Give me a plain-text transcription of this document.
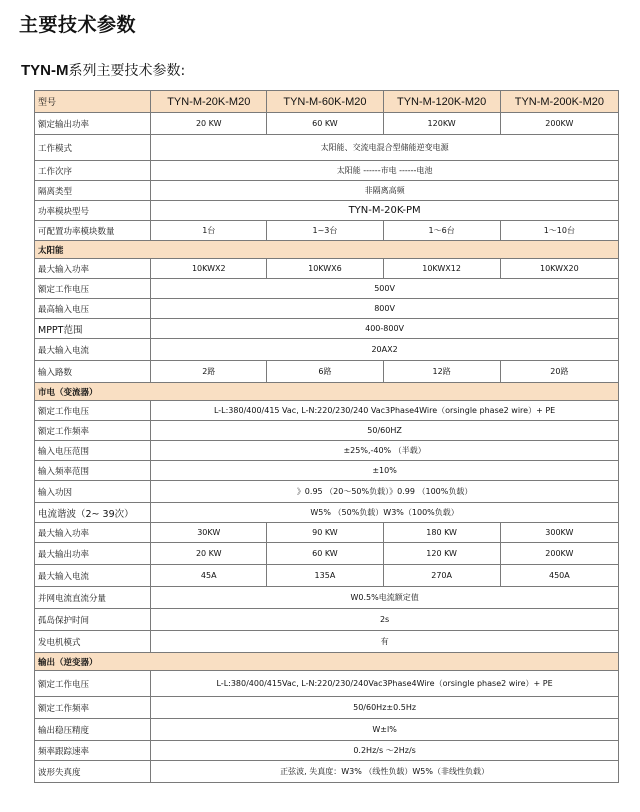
主要技术参数
TYN-M系列主要技术参数:
型号	TYN-M-20K-M20	TYN-M-60K-M20	TYN-M-120K-M20	TYN-M-200K-M20
额定输出功率	20 KW	60 KW	120KW	200KW
工作模式	太阳能、交流电混合型储能逆变电源			
工作次序	太阳能 ------市电 ------电池			
隔离类型	非隔离高频			
功率模块型号	TYN-M-20K-PM			
可配置功率模块数量	1台	1~3台	1～6台	1～10台
太阳能				
最大输入功率	10KWX2	10KWX6	10KWX12	10KWX20
额定工作电压	500V			
最高输入电压	800V			
MPPT范围	400-800V			
最大输入电流	20AX2			
输入路数	2路	6路	12路	20路
市电（变流器）				
额定工作电压	L-L:380/400/415 Vac, L-N:220/230/240 Vac3Phase4Wire（orsingle phase2 wire）+ PE			
额定工作频率	50/60HZ			
输入电压范围	±25%,-40% （半载）			
输入频率范围	±10%			
输入功因	》0.95 （20～50%负载）》0.99 （100%负载）			
电流谐波（2~ 39次）	W5% （50%负载）W3%（100%负载）			
最大输入功率	30KW	90 KW	180 KW	300KW
最大输出功率	20 KW	60 KW	120 KW	200KW
最大输入电流	45A	135A	270A	450A
并网电流直流分量	W0.5%电流额定值			
孤岛保护时间	2s			
发电机模式	有			
输出（逆变器）				
额定工作电压	L-L:380/400/415Vac, L-N:220/230/240Vac3Phase4Wire（orsingle phase2 wire）+ PE			
额定工作频率	50/60Hz±0.5Hz			
输出稳压精度	W±l%			
频率跟踪速率	0.2Hz/s ～2Hz/s			
波形失真度	正弦波, 失真度：W3% （线性负载）W5%（非线性负载）			
